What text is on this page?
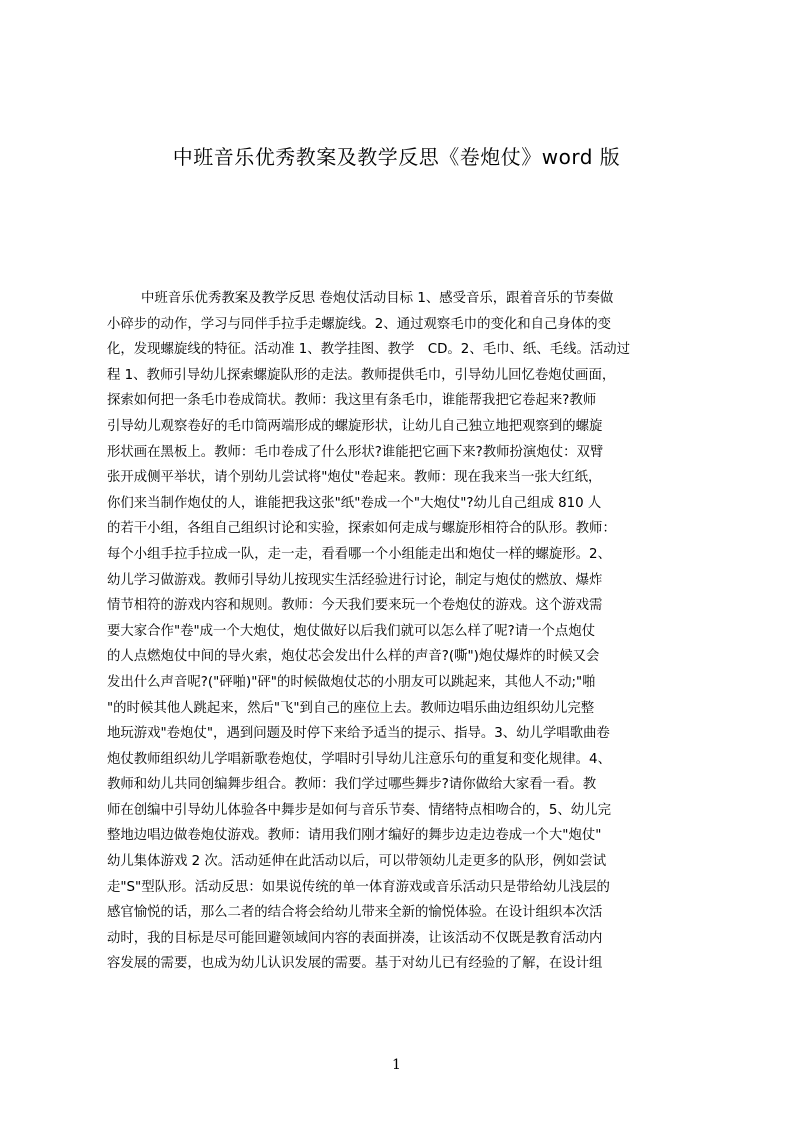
中班音乐优秀教案及教学反思《卷炮仗》word 版
中班音乐优秀教案及教学反思 卷炮仗活动目标 1、感受音乐，跟着音乐的节奏做
小碎步的动作，学习与同伴手拉手走螺旋线。2、通过观察毛巾的变化和自己身体的变
化，发现螺旋线的特征。活动准 1、教学挂图、教学　CD。2、毛巾、纸、毛线。活动过
程 1、教师引导幼儿探索螺旋队形的走法。教师提供毛巾，引导幼儿回忆卷炮仗画面，
探索如何把一条毛巾卷成筒状。教师：我这里有条毛巾，谁能帮我把它卷起来?教师
引导幼儿观察卷好的毛巾筒两端形成的螺旋形状，让幼儿自己独立地把观察到的螺旋
形状画在黑板上。教师：毛巾卷成了什么形状?谁能把它画下来?教师扮演炮仗：双臂
张开成侧平举状，请个别幼儿尝试将"炮仗"卷起来。教师：现在我来当一张大红纸，
你们来当制作炮仗的人，谁能把我这张"纸"卷成一个"大炮仗"?幼儿自己组成 810 人
的若干小组，各组自己组织讨论和实验，探索如何走成与螺旋形相符合的队形。教师：
每个小组手拉手拉成一队，走一走，看看哪一个小组能走出和炮仗一样的螺旋形。2、
幼儿学习做游戏。教师引导幼儿按现实生活经验进行讨论，制定与炮仗的燃放、爆炸
情节相符的游戏内容和规则。教师：今天我们要来玩一个卷炮仗的游戏。这个游戏需
要大家合作"卷"成一个大炮仗，炮仗做好以后我们就可以怎么样了呢?请一个点炮仗
的人点燃炮仗中间的导火索，炮仗芯会发出什么样的声音?(嘶")炮仗爆炸的时候又会
发出什么声音呢?("砰啪)"砰"的时候做炮仗芯的小朋友可以跳起来，其他人不动;"啪
"的时候其他人跳起来，然后"飞"到自己的座位上去。教师边唱乐曲边组织幼儿完整
地玩游戏"卷炮仗"，遇到问题及时停下来给予适当的提示、指导。3、幼儿学唱歌曲卷
炮仗教师组织幼儿学唱新歌卷炮仗，学唱时引导幼儿注意乐句的重复和变化规律。4、
教师和幼儿共同创编舞步组合。教师：我们学过哪些舞步?请你做给大家看一看。教
师在创编中引导幼儿体验各中舞步是如何与音乐节奏、情绪特点相吻合的，5、幼儿完
整地边唱边做卷炮仗游戏。教师：请用我们刚才编好的舞步边走边卷成一个大"炮仗"
幼儿集体游戏 2 次。活动延伸在此活动以后，可以带领幼儿走更多的队形，例如尝试
走"S"型队形。活动反思：如果说传统的单一体育游戏或音乐活动只是带给幼儿浅层的
感官愉悦的话，那么二者的结合将会给幼儿带来全新的愉悦体验。在设计组织本次活
动时，我的目标是尽可能回避领域间内容的表面拼凑，让该活动不仅既是教育活动内
容发展的需要，也成为幼儿认识发展的需要。基于对幼儿已有经验的了解，在设计组
1
